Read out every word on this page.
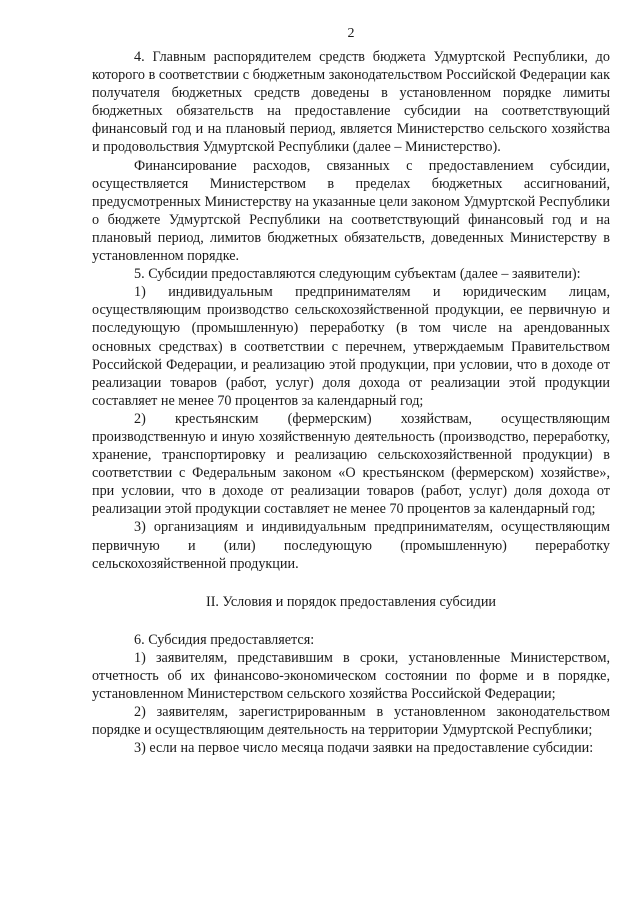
2

4. Главным распорядителем средств бюджета Удмуртской Республики, до которого в соответствии с бюджетным законодательством Российской Федерации как получателя бюджетных средств доведены в установленном порядке лимиты бюджетных обязательств на предоставление субсидии на соответствующий финансовый год и на плановый период, является Министерство сельского хозяйства и продовольствия Удмуртской Республики (далее – Министерство).

Финансирование расходов, связанных с предоставлением субсидии, осуществляется Министерством в пределах бюджетных ассигнований, предусмотренных Министерству на указанные цели законом Удмуртской Республики о бюджете Удмуртской Республики на соответствующий финансовый год и на плановый период, лимитов бюджетных обязательств, доведенных Министерству в установленном порядке.

5. Субсидии предоставляются следующим субъектам (далее – заявители):

1) индивидуальным предпринимателям и юридическим лицам, осуществляющим производство сельскохозяйственной продукции, ее первичную и последующую (промышленную) переработку (в том числе на арендованных основных средствах) в соответствии с перечнем, утверждаемым Правительством Российской Федерации, и реализацию этой продукции, при условии, что в доходе от реализации товаров (работ, услуг) доля дохода от реализации этой продукции составляет не менее 70 процентов за календарный год;

2) крестьянским (фермерским) хозяйствам, осуществляющим производственную и иную хозяйственную деятельность (производство, переработку, хранение, транспортировку и реализацию сельскохозяйственной продукции) в соответствии с Федеральным законом «О крестьянском (фермерском) хозяйстве», при условии, что в доходе от реализации товаров (работ, услуг) доля дохода от реализации этой продукции составляет не менее 70 процентов за календарный год;

3) организациям и индивидуальным предпринимателям, осуществляющим первичную и (или) последующую (промышленную) переработку сельскохозяйственной продукции.

II. Условия и порядок предоставления субсидии

6. Субсидия предоставляется:

1) заявителям, представившим в сроки, установленные Министерством, отчетность об их финансово-экономическом состоянии по форме и в порядке, установленном Министерством сельского хозяйства Российской Федерации;

2) заявителям, зарегистрированным в установленном законодательством порядке и осуществляющим деятельность на территории Удмуртской Республики;

3) если на первое число месяца подачи заявки на предоставление субсидии:
